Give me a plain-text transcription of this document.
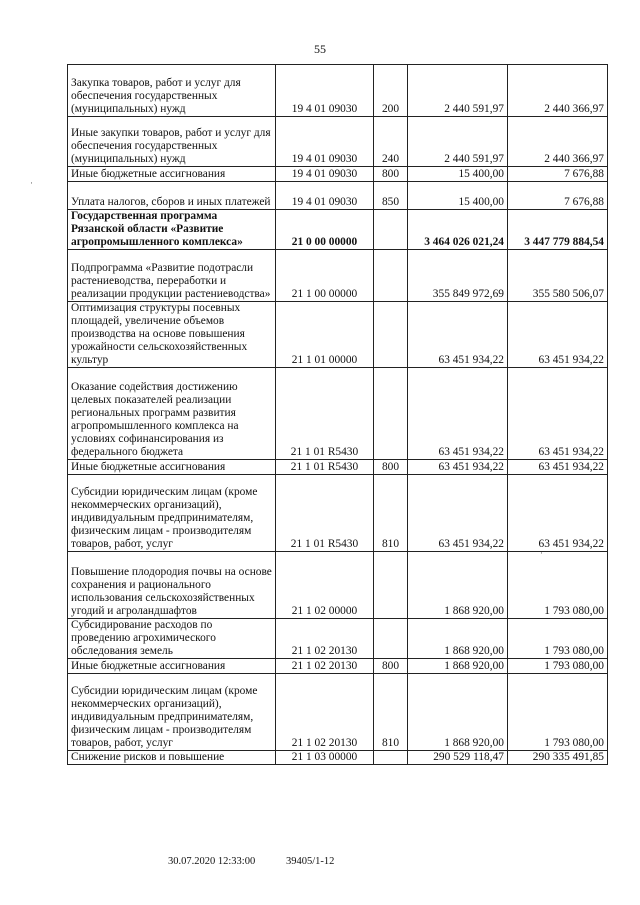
55
·
·
Закупка товаров, работ и услуг для обеспечения государственных (муниципальных) нужд	19 4 01 09030	200	2 440 591,97	2 440 366,97
Иные закупки товаров, работ и услуг для обеспечения государственных (муниципальных) нужд	19 4 01 09030	240	2 440 591,97	2 440 366,97
Иные бюджетные ассигнования	19 4 01 09030	800	15 400,00	7 676,88
Уплата налогов, сборов и иных платежей	19 4 01 09030	850	15 400,00	7 676,88
Государственная программа Рязанской области «Развитие агропромышленного комплекса»	21 0 00 00000		3 464 026 021,24	3 447 779 884,54
Подпрограмма «Развитие подотрасли растениеводства, переработки и реализации продукции растениеводства»	21 1 00 00000		355 849 972,69	355 580 506,07
Оптимизация структуры посевных площадей, увеличение объемов производства на основе повышения урожайности сельскохозяйственных культур	21 1 01 00000		63 451 934,22	63 451 934,22
Оказание содействия достижению целевых показателей реализации региональных программ развития агропромышленного комплекса на условиях софинансирования из федерального бюджета	21 1 01 R5430		63 451 934,22	63 451 934,22
Иные бюджетные ассигнования	21 1 01 R5430	800	63 451 934,22	63 451 934,22
Субсидии юридическим лицам (кроме некоммерческих организаций), индивидуальным предпринимателям, физическим лицам - производителям товаров, работ, услуг	21 1 01 R5430	810	63 451 934,22	63 451 934,22
Повышение плодородия почвы на основе сохранения и рационального использования сельскохозяйственных угодий и агроландшафтов	21 1 02 00000		1 868 920,00	1 793 080,00
Субсидирование расходов по проведению агрохимического обследования земель	21 1 02 20130		1 868 920,00	1 793 080,00
Иные бюджетные ассигнования	21 1 02 20130	800	1 868 920,00	1 793 080,00
Субсидии юридическим лицам (кроме некоммерческих организаций), индивидуальным предпринимателям, физическим лицам - производителям товаров, работ, услуг	21 1 02 20130	810	1 868 920,00	1 793 080,00
Снижение рисков и повышение	21 1 03 00000		290 529 118,47	290 335 491,85
30.07.2020 12:33:00	39405/1-12
